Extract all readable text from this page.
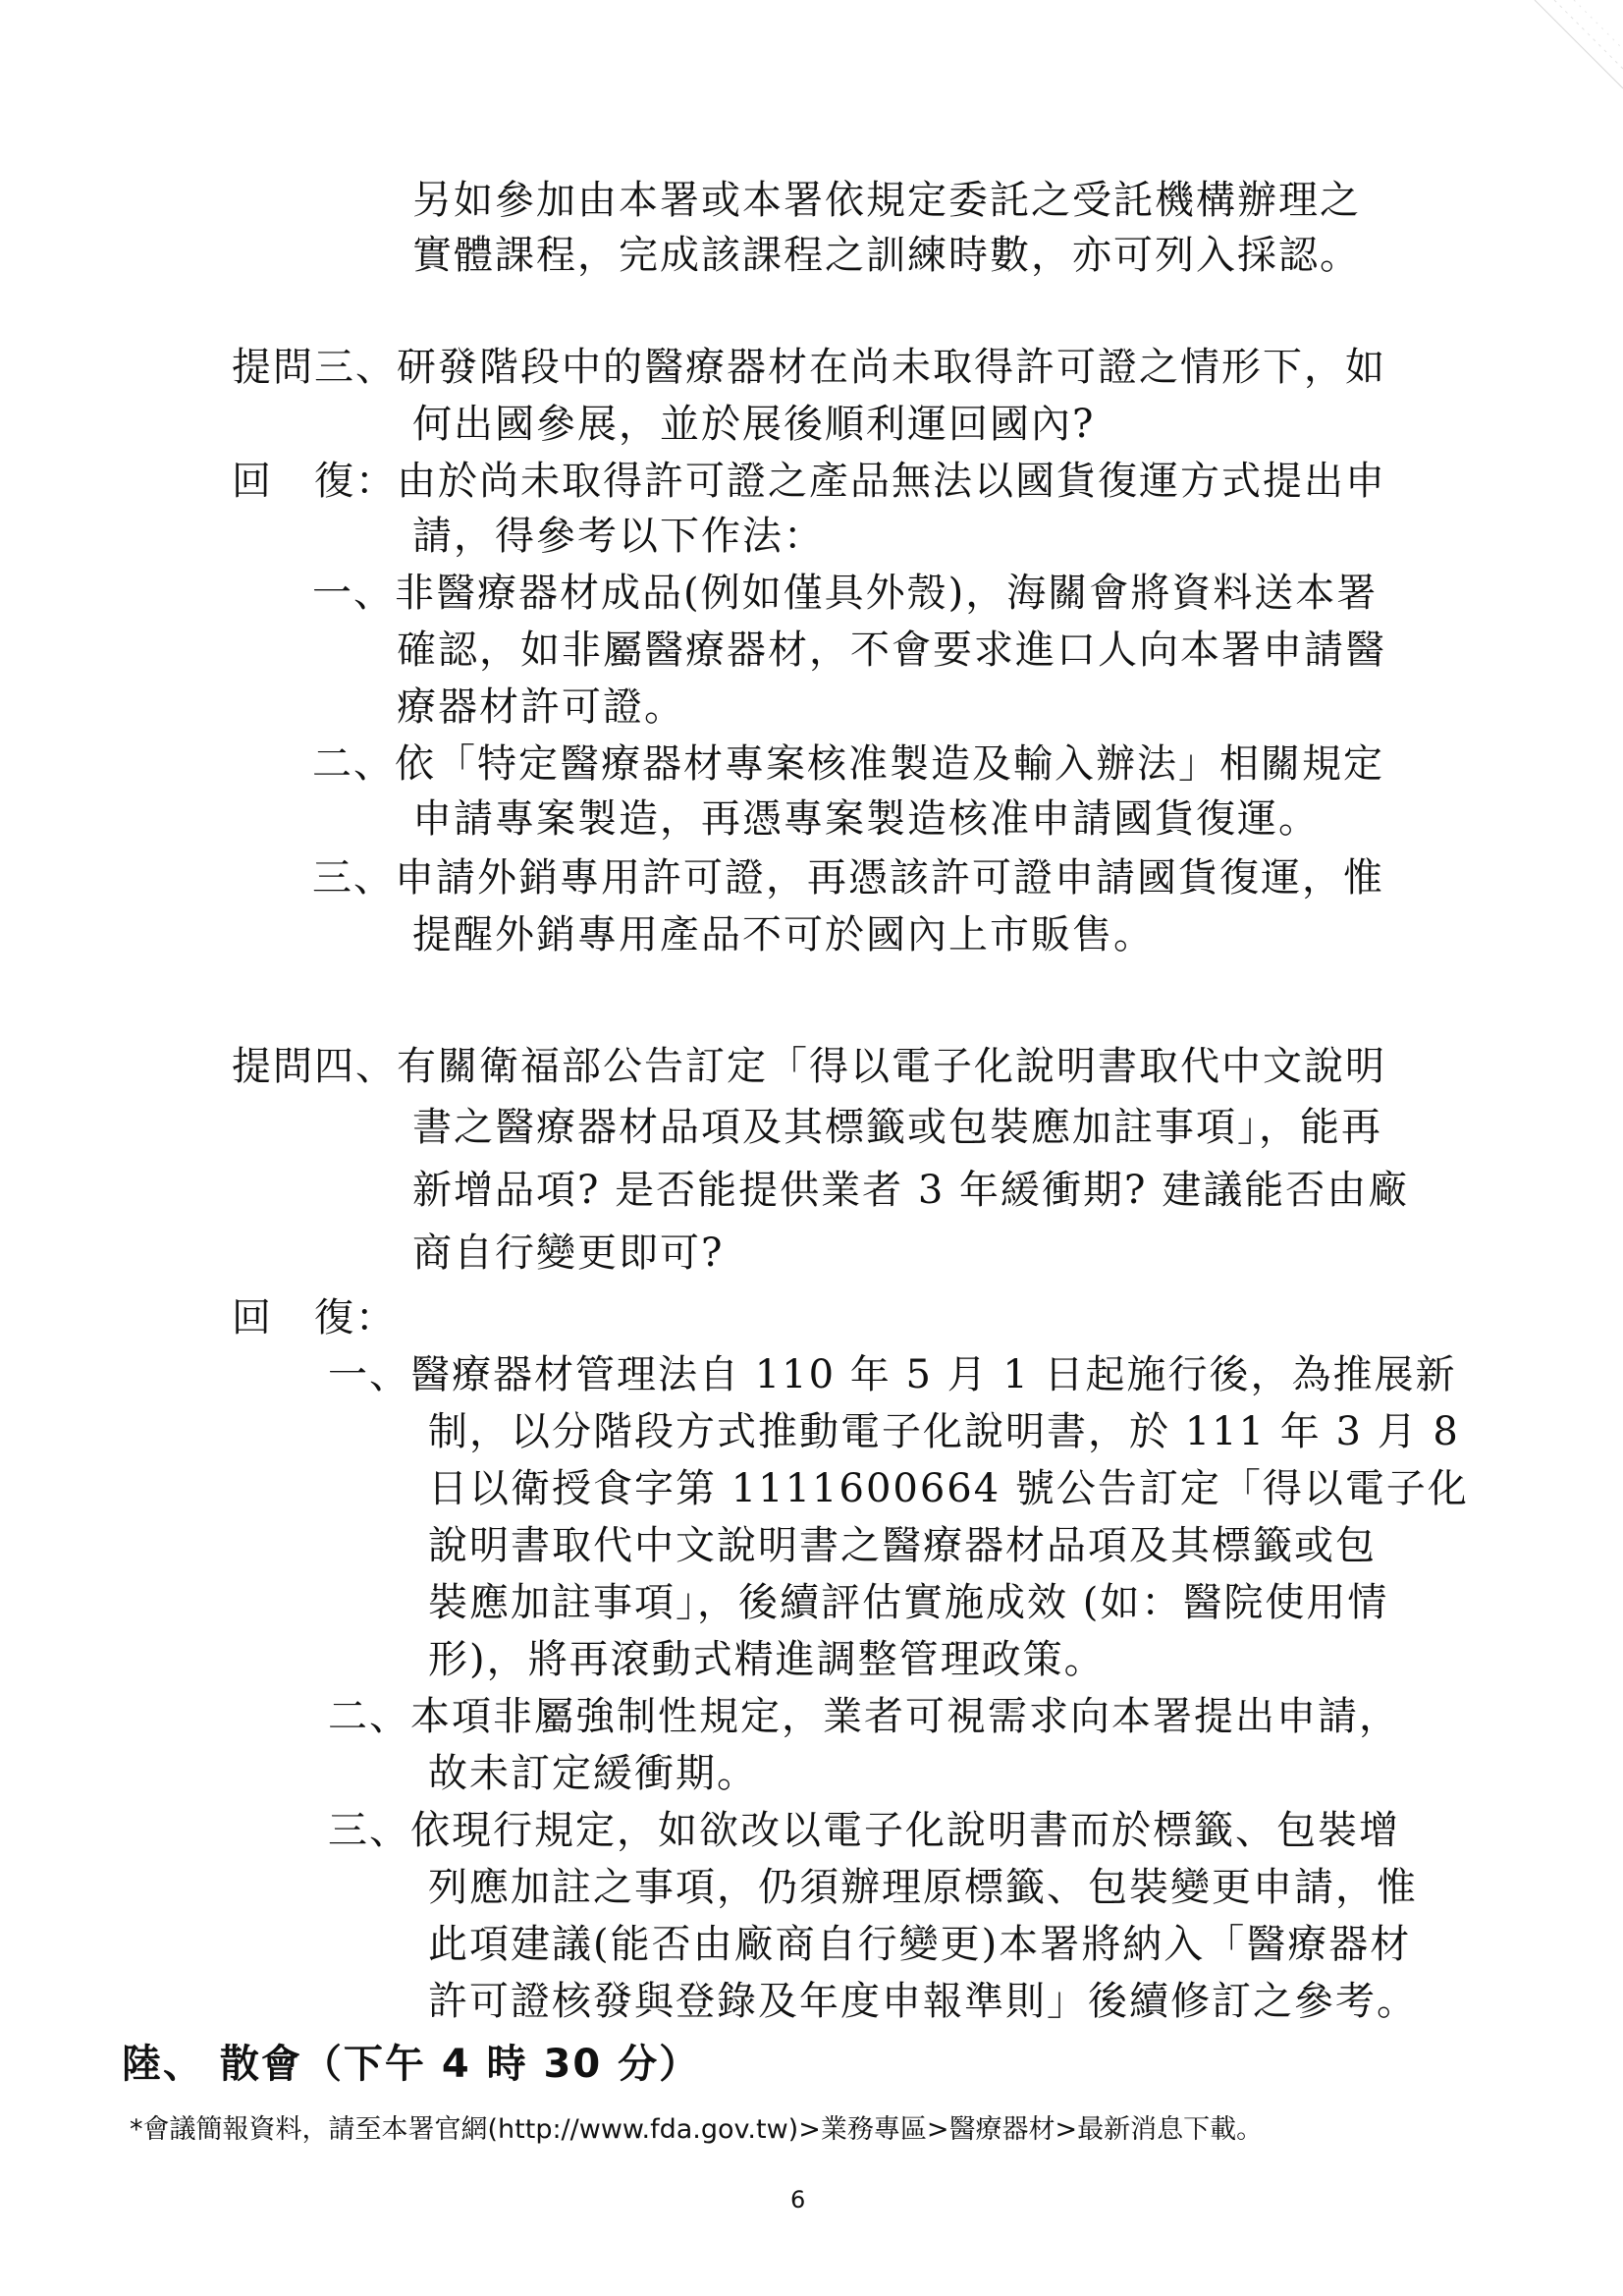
另如參加由本署或本署依規定委託之受託機構辦理之
實體課程，完成該課程之訓練時數，亦可列入採認。
提問三、研發階段中的醫療器材在尚未取得許可證之情形下，如
何出國參展，並於展後順利運回國內?
回　復：由於尚未取得許可證之產品無法以國貨復運方式提出申
請，得參考以下作法：
一、非醫療器材成品(例如僅具外殼)，海關會將資料送本署
確認，如非屬醫療器材，不會要求進口人向本署申請醫
療器材許可證。
二、依「特定醫療器材專案核准製造及輸入辦法」相關規定
申請專案製造，再憑專案製造核准申請國貨復運。
三、申請外銷專用許可證，再憑該許可證申請國貨復運，惟
提醒外銷專用產品不可於國內上市販售。
提問四、有關衛福部公告訂定「得以電子化說明書取代中文說明
書之醫療器材品項及其標籤或包裝應加註事項」，能再
新增品項? 是否能提供業者 3 年緩衝期? 建議能否由廠
商自行變更即可?
回　復：
一、醫療器材管理法自 110 年 5 月 1 日起施行後，為推展新
制，以分階段方式推動電子化說明書，於 111 年 3 月 8
日以衛授食字第 1111600664 號公告訂定「得以電子化
說明書取代中文說明書之醫療器材品項及其標籤或包
裝應加註事項」，後續評估實施成效 (如：醫院使用情
形)，將再滾動式精進調整管理政策。
二、本項非屬強制性規定，業者可視需求向本署提出申請，
故未訂定緩衝期。
三、依現行規定，如欲改以電子化說明書而於標籤、包裝增
列應加註之事項，仍須辦理原標籤、包裝變更申請，惟
此項建議(能否由廠商自行變更)本署將納入「醫療器材
許可證核發與登錄及年度申報準則」後續修訂之參考。
陸、 散會（下午 4 時 30 分）
*會議簡報資料，請至本署官網(http://www.fda.gov.tw)>業務專區>醫療器材>最新消息下載。
6
